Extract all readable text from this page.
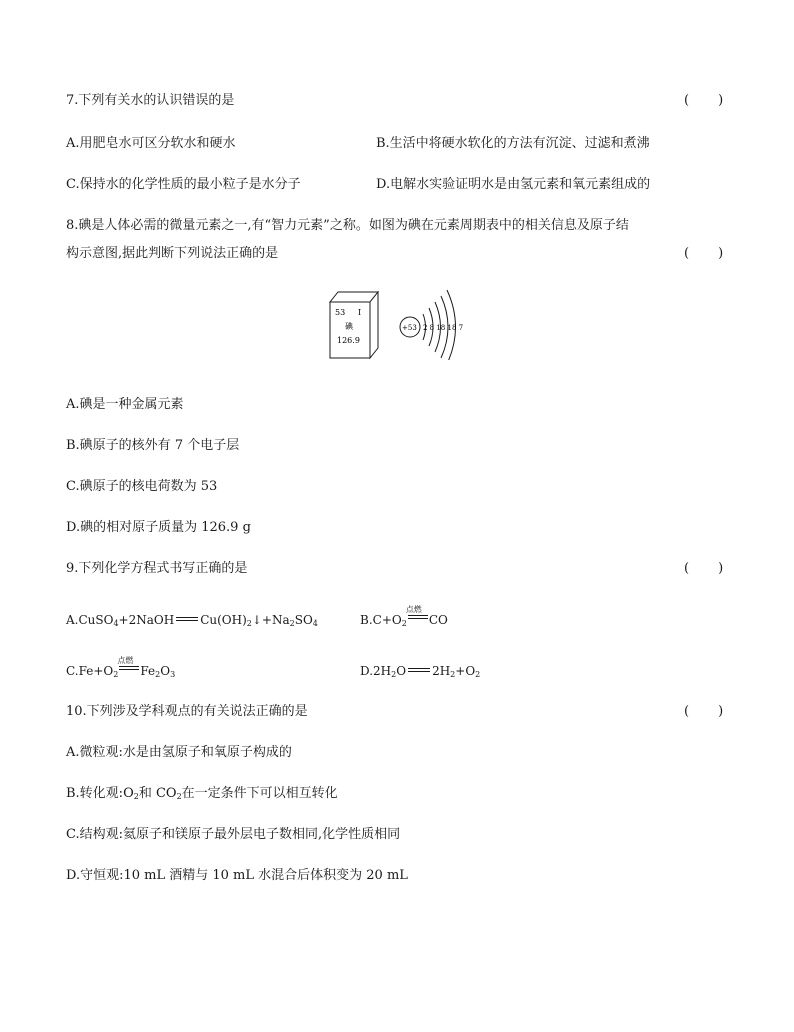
7.下列有关水的认识错误的是	(　　)
A.用肥皂水可区分软水和硬水	B.生活中将硬水软化的方法有沉淀、过滤和煮沸
C.保持水的化学性质的最小粒子是水分子	D.电解水实验证明水是由氢元素和氧元素组成的
8.碘是人体必需的微量元素之一,有“智力元素”之称。如图为碘在元素周期表中的相关信息及原子结
构示意图,据此判断下列说法正确的是	(　　)
53 I
碘
126.9
+53 2 8 18 18 7
A.碘是一种金属元素
B.碘原子的核外有 7 个电子层
C.碘原子的核电荷数为 53
D.碘的相对原子质量为 126.9 g
9.下列化学方程式书写正确的是	(　　)
A.CuSO$_4$+2NaOH $Cu(OH)_2↓+Na_2SO_4$	$B.C+O_2$
点燃
CO
$C.Fe+O_2$
点燃
$Fe_2O_3$	$D.2H_2O$ $2H_2+O_2$
10.下列涉及学科观点的有关说法正确的是	(　　)
A.微粒观:水是由氢原子和氧原子构成的
B.转化观$:O_2$和 $CO_2$在一定条件下可以相互转化
C.结构观:氦原子和镁原子最外层电子数相同,化学性质相同
D.守恒观:10 mL 酒精与 10 mL 水混合后体积变为 20 mL
